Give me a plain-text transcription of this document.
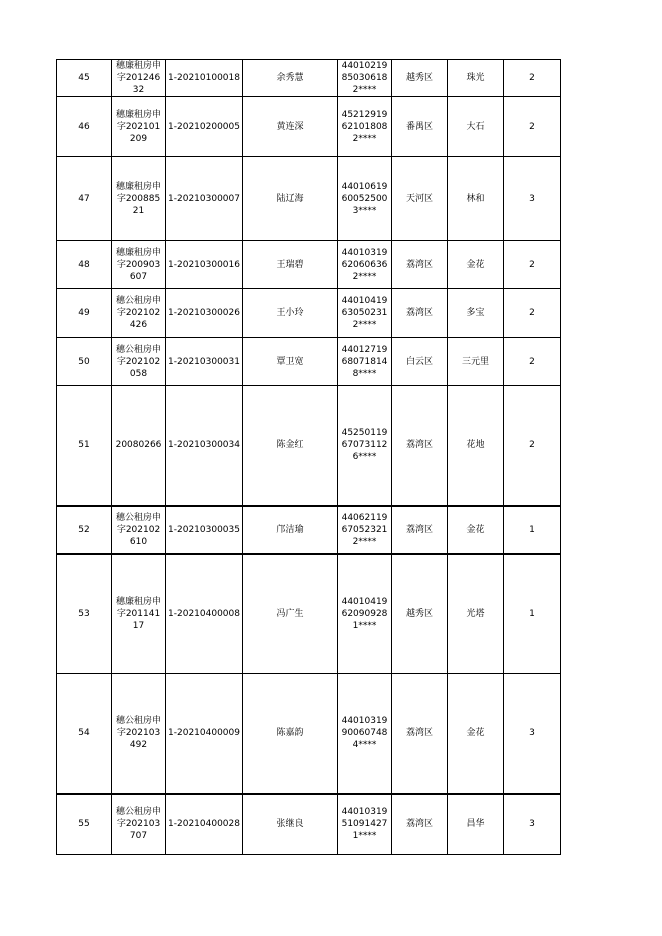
45	穗廉租房申字20124632	1-20210100018	余秀慧	44010219850306182****	越秀区	珠光	2
46	穗廉租房申字202101209	1-20210200005	黄连深	45212919621018082****	番禺区	大石	2
47	穗廉租房申字20088521	1-20210300007	陆辽海	44010619600525003****	天河区	林和	3
48	穗廉租房申字200903607	1-20210300016	王瑞碧	44010319620606362****	荔湾区	金花	2
49	穗公租房申字202102426	1-20210300026	王小玲	44010419630502312****	荔湾区	多宝	2
50	穗公租房申字202102058	1-20210300031	覃卫宽	44012719680718148****	白云区	三元里	2
51	20080266	1-20210300034	陈金红	45250119670731126****	荔湾区	花地	2
52	穗公租房申字202102610	1-20210300035	邝洁瑜	44062119670523212****	荔湾区	金花	1
53	穗廉租房申字20114117	1-20210400008	冯广生	44010419620909281****	越秀区	光塔	1
54	穗公租房申字202103492	1-20210400009	陈嘉韵	44010319900607484****	荔湾区	金花	3
55	穗公租房申字202103707	1-20210400028	张继良	44010319510914271****	荔湾区	昌华	3
